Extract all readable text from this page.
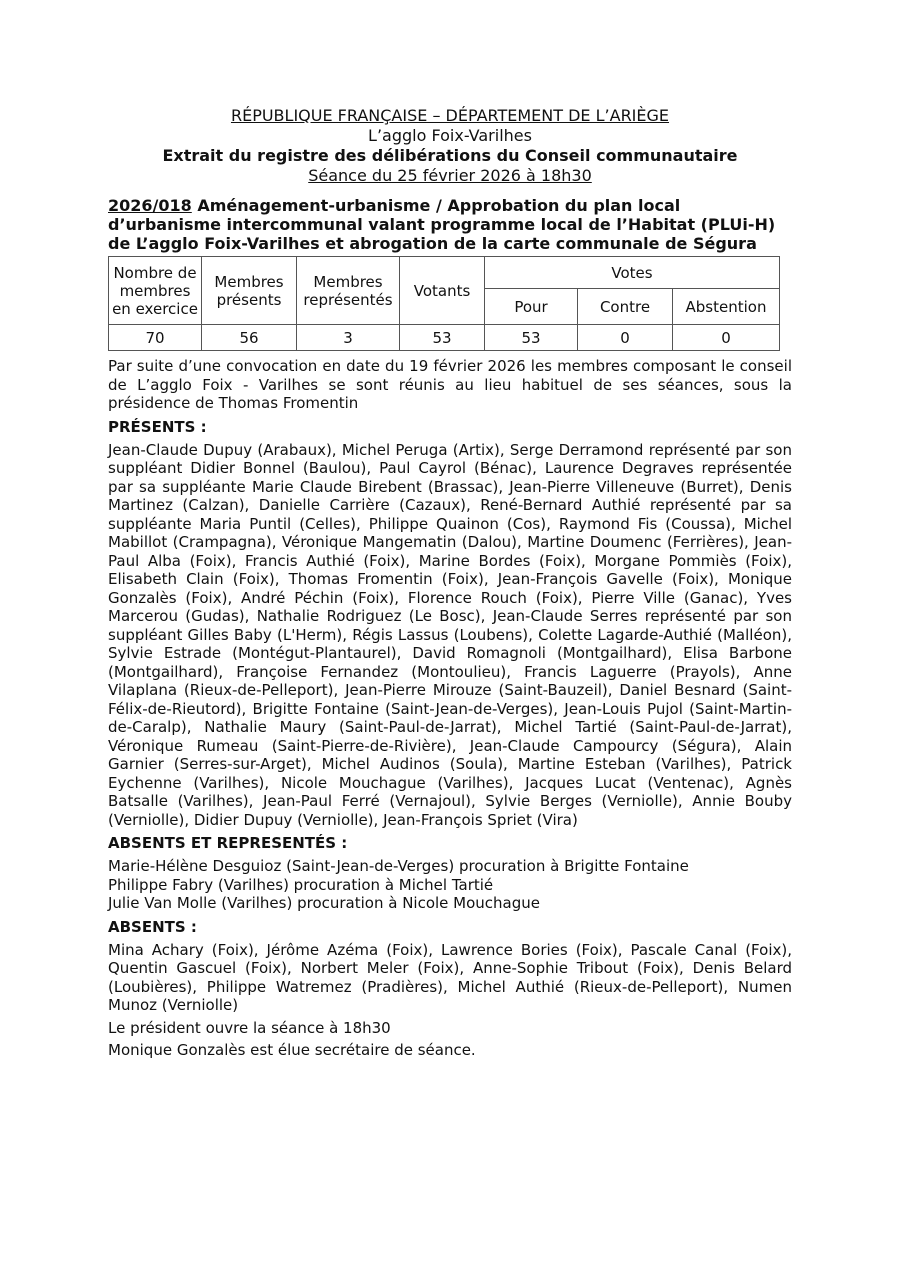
RÉPUBLIQUE FRANÇAISE – DÉPARTEMENT DE L’ARIÈGE
L’agglo Foix-Varilhes
Extrait du registre des délibérations du Conseil communautaire
Séance du 25 février 2026 à 18h30
2026/018 Aménagement-urbanisme / Approbation du plan local d’urbanisme intercommunal valant programme local de l’Habitat (PLUi-H) de L’agglo Foix-Varilhes et abrogation de la carte communale de Ségura
Nombre de membres en exercice	Membres présents	Membres représentés	Votants	Votes		
				Pour	Contre	Abstention
70	56	3	53	53	0	0
Par suite d’une convocation en date du 19 février 2026 les membres composant le conseil de L’agglo Foix - Varilhes se sont réunis au lieu habituel de ses séances, sous la présidence de Thomas Fromentin
PRÉSENTS :
Jean-Claude Dupuy (Arabaux), Michel Peruga (Artix), Serge Derramond représenté par son suppléant Didier Bonnel (Baulou), Paul Cayrol (Bénac), Laurence Degraves représentée par sa suppléante Marie Claude Birebent (Brassac), Jean-Pierre Villeneuve (Burret), Denis Martinez (Calzan), Danielle Carrière (Cazaux), René-Bernard Authié représenté par sa suppléante Maria Puntil (Celles), Philippe Quainon (Cos), Raymond Fis (Coussa), Michel Mabillot (Crampagna), Véronique Mangematin (Dalou), Martine Doumenc (Ferrières), Jean-Paul Alba (Foix), Francis Authié (Foix), Marine Bordes (Foix), Morgane Pommiès (Foix), Elisabeth Clain (Foix), Thomas Fromentin (Foix), Jean-François Gavelle (Foix), Monique Gonzalès (Foix), André Péchin (Foix), Florence Rouch (Foix), Pierre Ville (Ganac), Yves Marcerou (Gudas), Nathalie Rodriguez (Le Bosc), Jean-Claude Serres représenté par son suppléant Gilles Baby (L'Herm), Régis Lassus (Loubens), Colette Lagarde-Authié (Malléon), Sylvie Estrade (Montégut-Plantaurel), David Romagnoli (Montgailhard), Elisa Barbone (Montgailhard), Françoise Fernandez (Montoulieu), Francis Laguerre (Prayols), Anne Vilaplana (Rieux-de-Pelleport), Jean-Pierre Mirouze (Saint-Bauzeil), Daniel Besnard (Saint-Félix-de-Rieutord), Brigitte Fontaine (Saint-Jean-de-Verges), Jean-Louis Pujol (Saint-Martin-de-Caralp), Nathalie Maury (Saint-Paul-de-Jarrat), Michel Tartié (Saint-Paul-de-Jarrat), Véronique Rumeau (Saint-Pierre-de-Rivière), Jean-Claude Campourcy (Ségura), Alain Garnier (Serres-sur-Arget), Michel Audinos (Soula), Martine Esteban (Varilhes), Patrick Eychenne (Varilhes), Nicole Mouchague (Varilhes), Jacques Lucat (Ventenac), Agnès Batsalle (Varilhes), Jean-Paul Ferré (Vernajoul), Sylvie Berges (Verniolle), Annie Bouby (Verniolle), Didier Dupuy (Verniolle), Jean-François Spriet (Vira)
ABSENTS ET REPRESENTÉS :
Marie-Hélène Desguioz (Saint-Jean-de-Verges) procuration à Brigitte Fontaine
Philippe Fabry (Varilhes) procuration à Michel Tartié
Julie Van Molle (Varilhes) procuration à Nicole Mouchague
ABSENTS :
Mina Achary (Foix), Jérôme Azéma (Foix), Lawrence Bories (Foix), Pascale Canal (Foix), Quentin Gascuel (Foix), Norbert Meler (Foix), Anne-Sophie Tribout (Foix), Denis Belard (Loubières), Philippe Watremez (Pradières), Michel Authié (Rieux-de-Pelleport), Numen Munoz (Verniolle)
Le président ouvre la séance à 18h30
Monique Gonzalès est élue secrétaire de séance.
